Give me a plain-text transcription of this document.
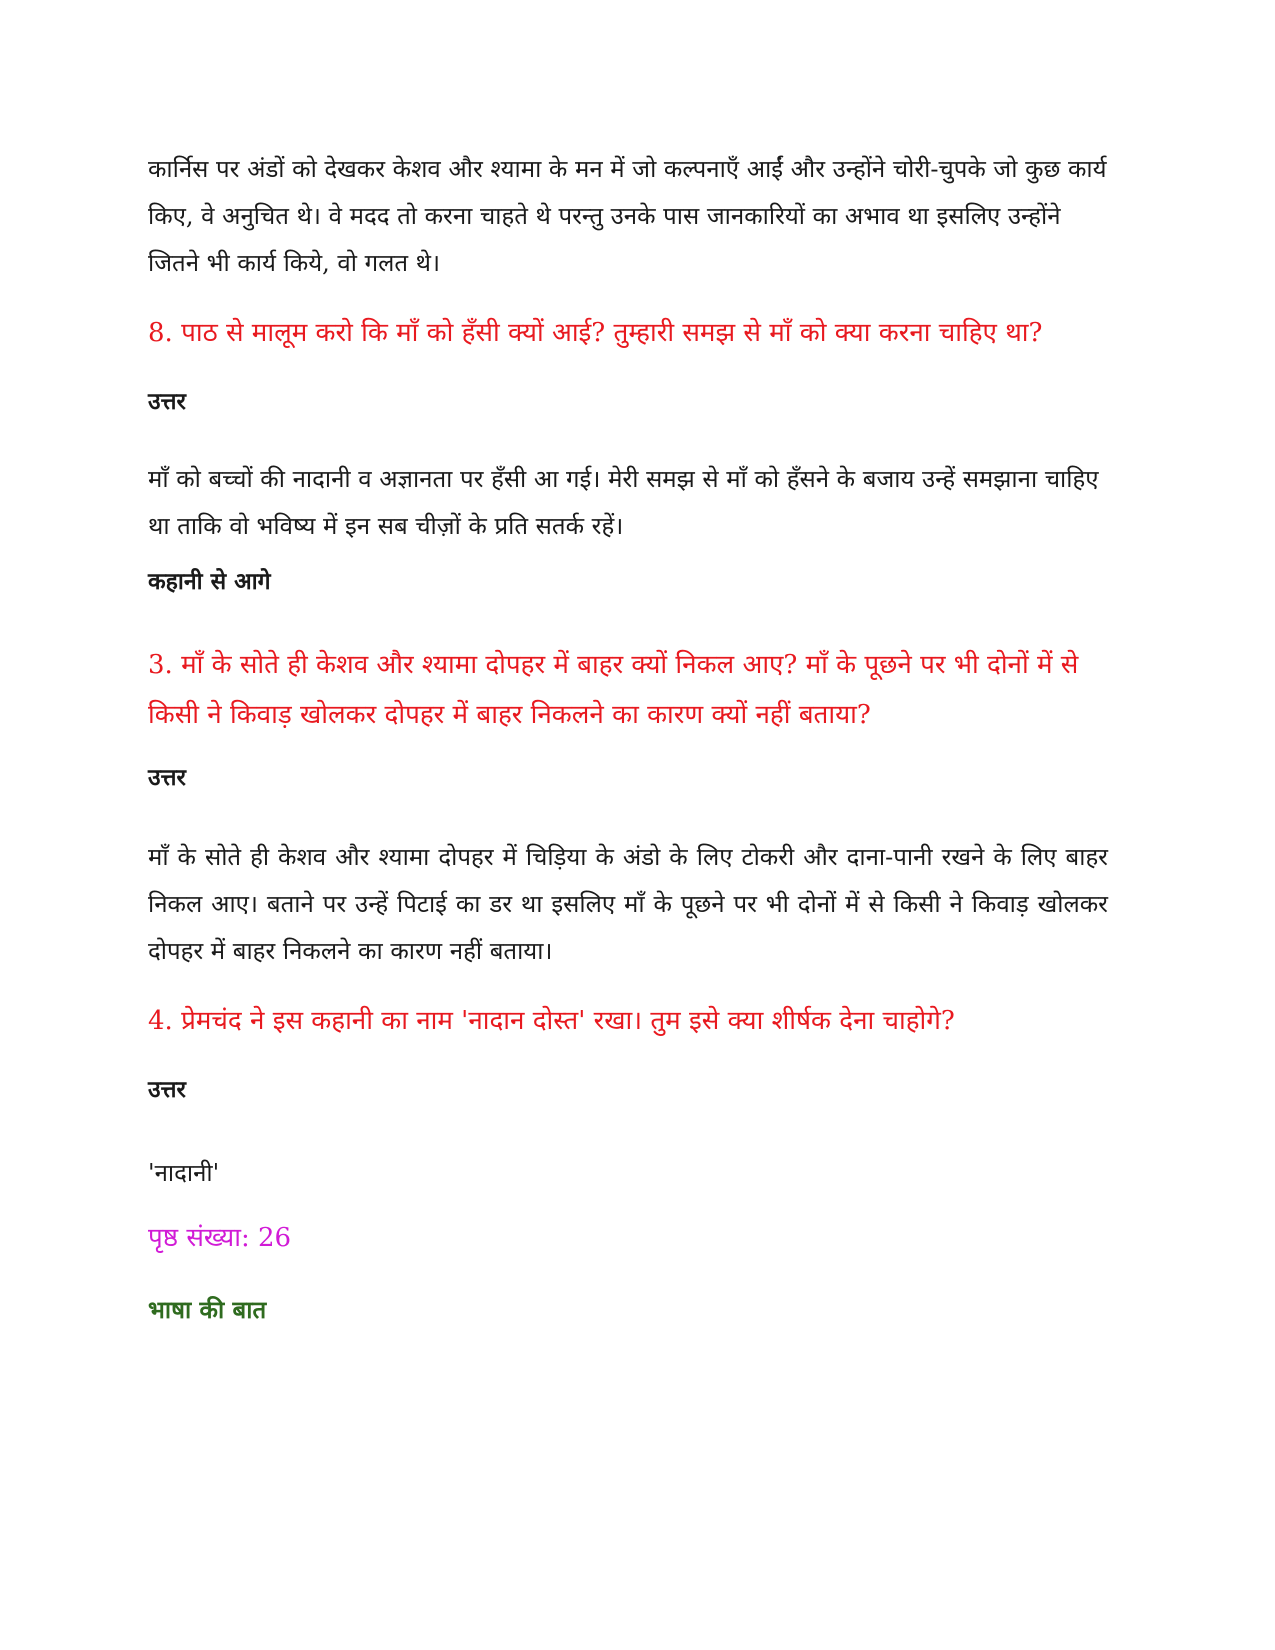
कार्निस पर अंडों को देखकर केशव और श्यामा के मन में जो कल्पनाएँ आईं और उन्होंने चोरी-चुपके जो कुछ कार्य किए, वे अनुचित थे। वे मदद तो करना चाहते थे परन्तु उनके पास जानकारियों का अभाव था इसलिए उन्होंने जितने भी कार्य किये, वो गलत थे।

8. पाठ से मालूम करो कि माँ को हँसी क्यों आई? तुम्हारी समझ से माँ को क्या करना चाहिए था?

उत्तर

माँ को बच्चों की नादानी व अज्ञानता पर हँसी आ गई। मेरी समझ से माँ को हँसने के बजाय उन्हें समझाना चाहिए था ताकि वो भविष्य में इन सब चीज़ों के प्रति सतर्क रहें।

कहानी से आगे

3. माँ के सोते ही केशव और श्यामा दोपहर में बाहर क्यों निकल आए? माँ के पूछने पर भी दोनों में से किसी ने किवाड़ खोलकर दोपहर में बाहर निकलने का कारण क्यों नहीं बताया?

उत्तर

माँ के सोते ही केशव और श्यामा दोपहर में चिड़िया के अंडो के लिए टोकरी और दाना-पानी रखने के लिए बाहर निकल आए। बताने पर उन्हें पिटाई का डर था इसलिए माँ के पूछने पर भी दोनों में से किसी ने किवाड़ खोलकर दोपहर में बाहर निकलने का कारण नहीं बताया।

4. प्रेमचंद ने इस कहानी का नाम 'नादान दोस्त' रखा। तुम इसे क्या शीर्षक देना चाहोगे?

उत्तर

'नादानी'

पृष्ठ संख्या: 26

भाषा की बात
